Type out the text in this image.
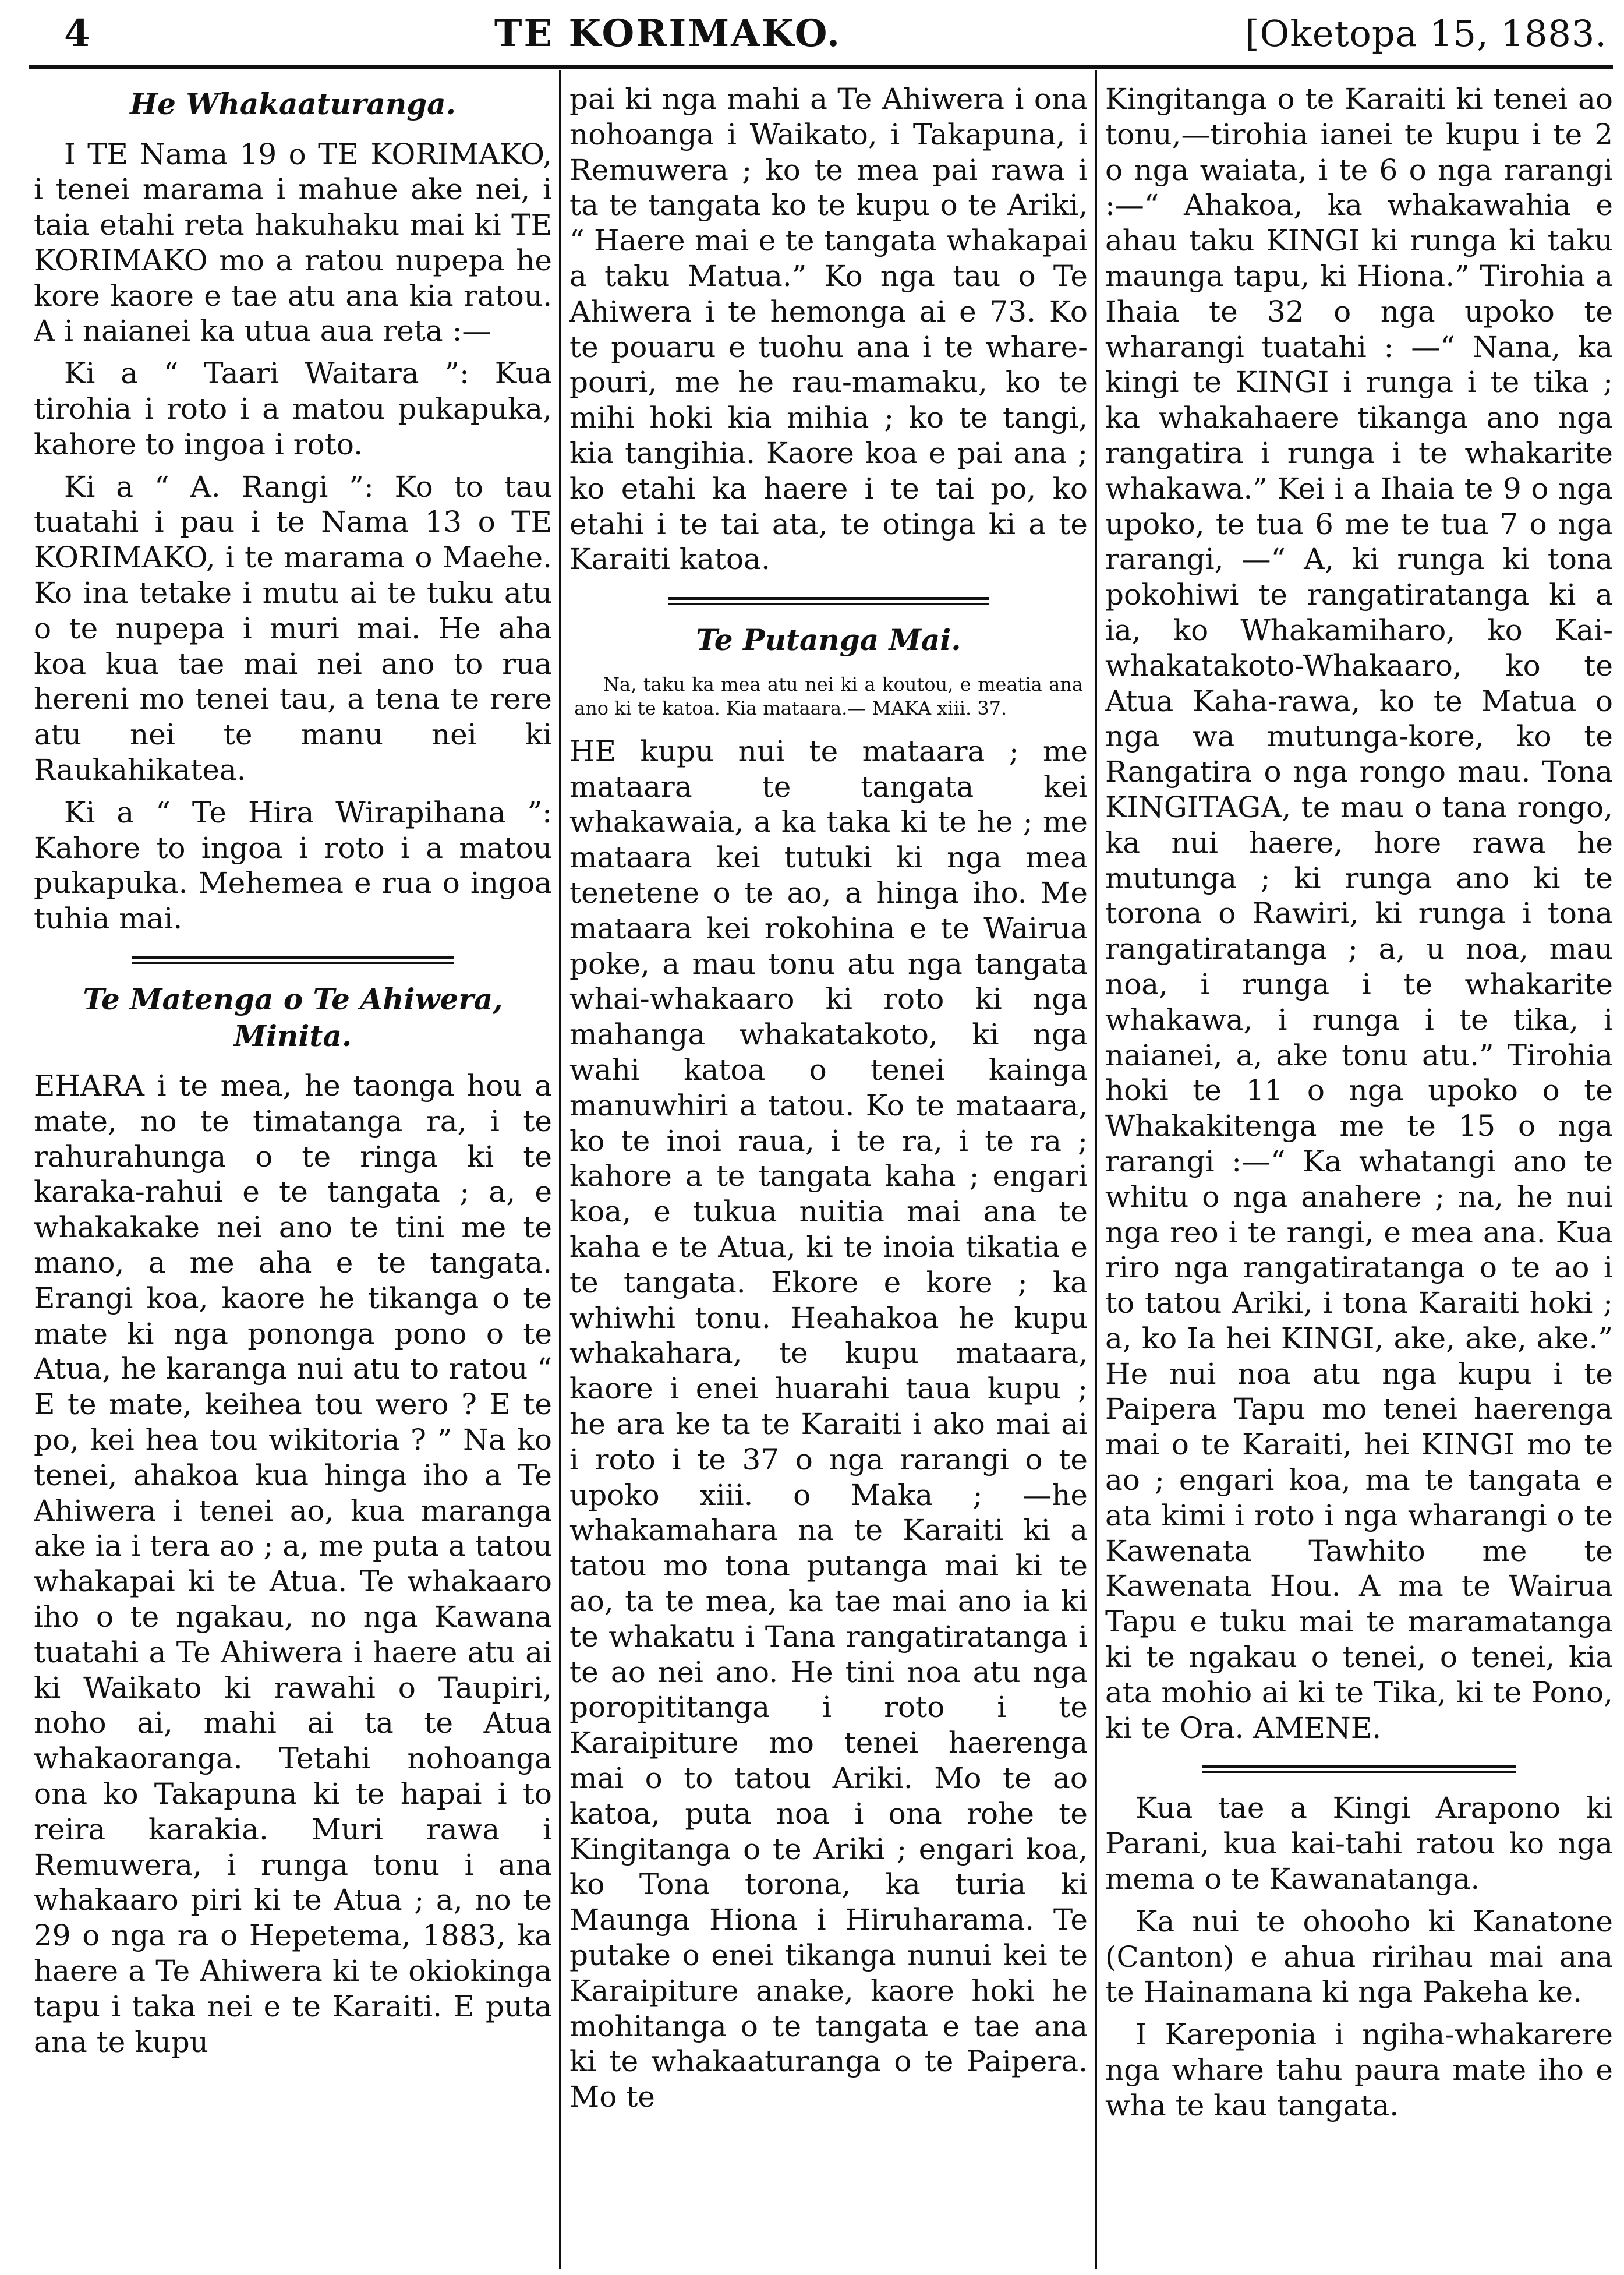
4	TE KORIMAKO.	[Oketopa 15, 1883.
He Whakaaturanga.

I TE Nama 19 o TE KORIMAKO, i tenei marama i mahue ake nei, i taia etahi reta hakuhaku mai ki TE KORIMAKO mo a ratou nupepa he kore kaore e tae atu ana kia ratou. A i naianei ka utua aua reta :—

Ki a “ Taari Waitara ”: Kua tirohia i roto i a matou pukapuka, kahore to ingoa i roto.

Ki a “ A. Rangi ”: Ko to tau tuatahi i pau i te Nama 13 o TE KORIMAKO, i te marama o Maehe. Ko ina tetake i mutu ai te tuku atu o te nupepa i muri mai. He aha koa kua tae mai nei ano to rua hereni mo tenei tau, a tena te rere atu nei te manu nei ki Raukahikatea.

Ki a “ Te Hira Wirapihana ”: Kahore to ingoa i roto i a matou pukapuka. Mehemea e rua o ingoa tuhia mai.

Te Matenga o Te Ahiwera, Minita.

EHARA i te mea, he taonga hou a mate, no te timatanga ra, i te rahurahunga o te ringa ki te karaka-rahui e te tangata ; a, e whakakake nei ano te tini me te mano, a me aha e te tangata. Erangi koa, kaore he tikanga o te mate ki nga pononga pono o te Atua, he karanga nui atu to ratou “ E te mate, keihea tou wero ? E te po, kei hea tou wikitoria ? ” Na ko tenei, ahakoa kua hinga iho a Te Ahiwera i tenei ao, kua maranga ake ia i tera ao ; a, me puta a tatou whakapai ki te Atua. Te whakaaro iho o te ngakau, no nga Kawana tuatahi a Te Ahiwera i haere atu ai ki Waikato ki rawahi o Taupiri, noho ai, mahi ai ta te Atua whakaoranga. Tetahi nohoanga ona ko Takapuna ki te hapai i to reira karakia. Muri rawa i Remuwera, i runga tonu i ana whakaaro piri ki te Atua ; a, no te 29 o nga ra o Hepetema, 1883, ka haere a Te Ahiwera ki te okiokinga tapu i taka nei e te Karaiti. E puta ana te kupu

pai ki nga mahi a Te Ahiwera i ona nohoanga i Waikato, i Takapuna, i Remuwera ; ko te mea pai rawa i ta te tangata ko te kupu o te Ariki, “ Haere mai e te tangata whakapai a taku Matua.” Ko nga tau o Te Ahiwera i te hemonga ai e 73. Ko te pouaru e tuohu ana i te whare-pouri, me he rau-mamaku, ko te mihi hoki kia mihia ; ko te tangi, kia tangihia. Kaore koa e pai ana ; ko etahi ka haere i te tai po, ko etahi i te tai ata, te otinga ki a te Karaiti katoa.

Te Putanga Mai.
Na, taku ka mea atu nei ki a koutou, e meatia ana ano ki te katoa. Kia mataara.— MAKA xiii. 37.

HE kupu nui te mataara ; me mataara te tangata kei whakawaia, a ka taka ki te he ; me mataara kei tutuki ki nga mea tenetene o te ao, a hinga iho. Me mataara kei rokohina e te Wairua poke, a mau tonu atu nga tangata whai-whakaaro ki roto ki nga mahanga whakatakoto, ki nga wahi katoa o tenei kainga manuwhiri a tatou. Ko te mataara, ko te inoi raua, i te ra, i te ra ; kahore a te tangata kaha ; engari koa, e tukua nuitia mai ana te kaha e te Atua, ki te inoia tikatia e te tangata. Ekore e kore ; ka whiwhi tonu. Heahakoa he kupu whakahara, te kupu mataara, kaore i enei huarahi taua kupu ; he ara ke ta te Karaiti i ako mai ai i roto i te 37 o nga rarangi o te upoko xiii. o Maka ; —he whakamahara na te Karaiti ki a tatou mo tona putanga mai ki te ao, ta te mea, ka tae mai ano ia ki te whakatu i Tana rangatiratanga i te ao nei ano. He tini noa atu nga poropititanga i roto i te Karaipiture mo tenei haerenga mai o to tatou Ariki. Mo te ao katoa, puta noa i ona rohe te Kingitanga o te Ariki ; engari koa, ko Tona torona, ka turia ki Maunga Hiona i Hiruharama. Te putake o enei tikanga nunui kei te Karaipiture anake, kaore hoki he mohitanga o te tangata e tae ana ki te whakaaturanga o te Paipera. Mo te

Kingitanga o te Karaiti ki tenei ao tonu,—tirohia ianei te kupu i te 2 o nga waiata, i te 6 o nga rarangi :—“ Ahakoa, ka whakawahia e ahau taku KINGI ki runga ki taku maunga tapu, ki Hiona.” Tirohia a Ihaia te 32 o nga upoko te wharangi tuatahi : —“ Nana, ka kingi te KINGI i runga i te tika ; ka whakahaere tikanga ano nga rangatira i runga i te whakarite whakawa.” Kei i a Ihaia te 9 o nga upoko, te tua 6 me te tua 7 o nga rarangi, —“ A, ki runga ki tona pokohiwi te rangatiratanga ki a ia, ko Whakamiharo, ko Kai-whakatakoto-Whakaaro, ko te Atua Kaha-rawa, ko te Matua o nga wa mutunga-kore, ko te Rangatira o nga rongo mau. Tona KINGITAGA, te mau o tana rongo, ka nui haere, hore rawa he mutunga ; ki runga ano ki te torona o Rawiri, ki runga i tona rangatiratanga ; a, u noa, mau noa, i runga i te whakarite whakawa, i runga i te tika, i naianei, a, ake tonu atu.” Tirohia hoki te 11 o nga upoko o te Whakakitenga me te 15 o nga rarangi :—“ Ka whatangi ano te whitu o nga anahere ; na, he nui nga reo i te rangi, e mea ana. Kua riro nga rangatiratanga o te ao i to tatou Ariki, i tona Karaiti hoki ; a, ko Ia hei KINGI, ake, ake, ake.” He nui noa atu nga kupu i te Paipera Tapu mo tenei haerenga mai o te Karaiti, hei KINGI mo te ao ; engari koa, ma te tangata e ata kimi i roto i nga wharangi o te Kawenata Tawhito me te Kawenata Hou. A ma te Wairua Tapu e tuku mai te maramatanga ki te ngakau o tenei, o tenei, kia ata mohio ai ki te Tika, ki te Pono, ki te Ora. AMENE.

Kua tae a Kingi Arapono ki Parani, kua kai-tahi ratou ko nga mema o te Kawanatanga.

Ka nui te ohooho ki Kanatone (Canton) e ahua ririhau mai ana te Hainamana ki nga Pakeha ke.

I Kareponia i ngiha-whakarere nga whare tahu paura mate iho e wha te kau tangata.
